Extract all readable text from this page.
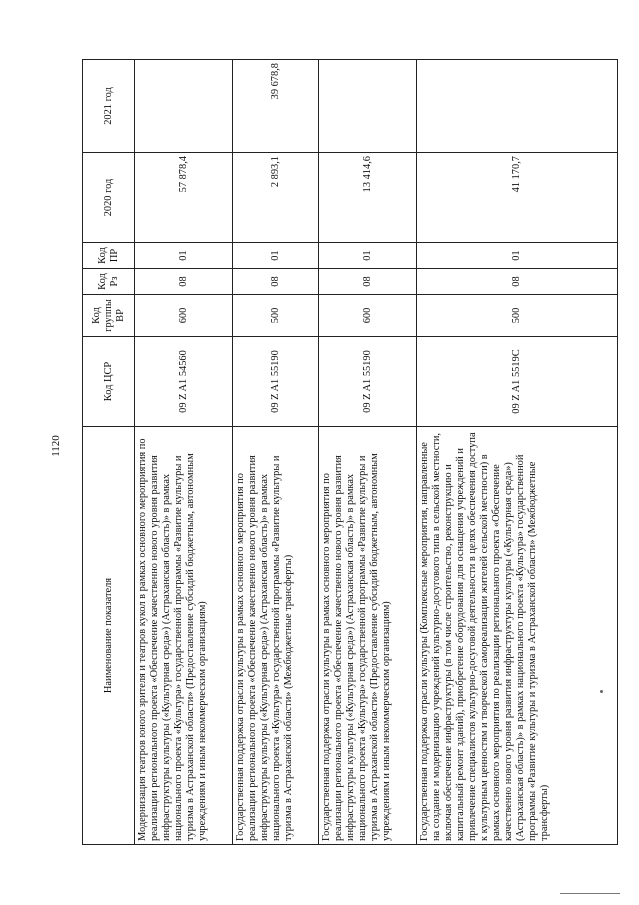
1120
Наименование показателя	Код ЦСР	Код группы ВР	Код Рз	Код ПР	2020 год	2021 год
Модернизация театров юного зрителя и театров кукол в рамках основного мероприятия по реализации регионального проекта «Обеспечение качественно нового уровня развития инфраструктуры культуры («Культурная среда») (Астраханская область)» в рамках национального проекта «Культура» государственной программы «Развитие культуры и туризма в Астраханской области» (Предоставление субсидий бюджетным, автономным учреждениям и иным некоммерческим организациям)	09 Z A1 54560	600	08	01	57 878,4	
Государственная поддержка отрасли культуры в рамках основного мероприятия по реализации регионального проекта «Обеспечение качественно нового уровня развития инфраструктуры культуры («Культурная среда») (Астраханская область)» в рамках национального проекта «Культура» государственной программы «Развитие культуры и туризма в Астраханской области» (Межбюджетные трансферты)	09 Z A1 55190	500	08	01	2 893,1	39 678,8
Государственная поддержка отрасли культуры в рамках основного мероприятия по реализации регионального проекта «Обеспечение качественно нового уровня развития инфраструктуры культуры («Культурная среда») (Астраханская область)» в рамках национального проекта «Культура» государственной программы «Развитие культуры и туризма в Астраханской области» (Предоставление субсидий бюджетным, автономным учреждениям и иным некоммерческим организациям)	09 Z A1 55190	600	08	01	13 414,6	
Государственная поддержка отрасли культуры (Комплексные мероприятия, направленные на создание и модернизацию учреждений культурно-досугового типа в сельской местности, включая обеспечение инфраструктуры (в том числе строительство, реконструкцию и капитальный ремонт зданий), приобретение оборудования для оснащения учреждений и привлечение специалистов культурно-досуговой деятельности в целях обеспечения доступа к культурным ценностям и творческой самореализации жителей сельской местности) в рамках основного мероприятия по реализации регионального проекта «Обеспечение качественно нового уровня развития инфраструктуры культуры («Культурная среда») (Астраханская область)» в рамках национального проекта «Культура» государственной программы «Развитие культуры и туризма в Астраханской области» (Межбюджетные трансферты)	09 Z A1 5519C	500	08	01	41 170,7	
